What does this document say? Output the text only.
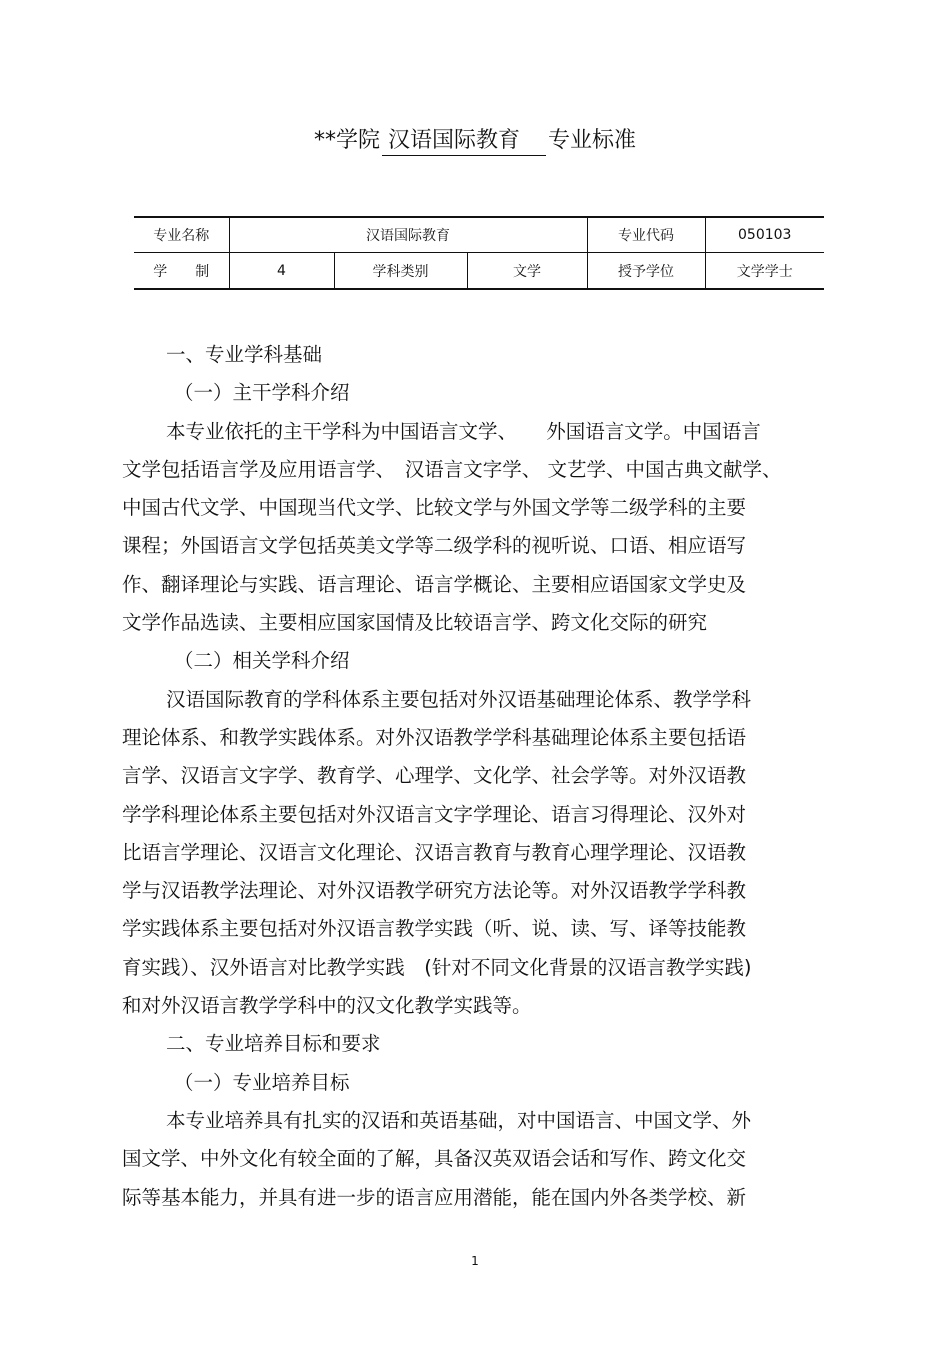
**学院 汉语国际教育 专业标准
专业名称	汉语国际教育			专业代码	050103
学　　制	4	学科类别	文学	授予学位	文学学士

一、专业学科基础

（一）主干学科介绍

本专业依托的主干学科为中国语言文学、　　外国语言文学。中国语言

文学包括语言学及应用语言学、　汉语言文字学、 文艺学、中国古典文献学、

中国古代文学、中国现当代文学、比较文学与外国文学等二级学科的主要

课程；外国语言文学包括英美文学等二级学科的视听说、口语、相应语写

作、翻译理论与实践、语言理论、语言学概论、主要相应语国家文学史及

文学作品选读、主要相应国家国情及比较语言学、跨文化交际的研究

（二）相关学科介绍

汉语国际教育的学科体系主要包括对外汉语基础理论体系、教学学科

理论体系、和教学实践体系。对外汉语教学学科基础理论体系主要包括语

言学、汉语言文字学、教育学、心理学、文化学、社会学等。对外汉语教

学学科理论体系主要包括对外汉语言文字学理论、语言习得理论、汉外对

比语言学理论、汉语言文化理论、汉语言教育与教育心理学理论、汉语教

学与汉语教学法理论、对外汉语教学研究方法论等。对外汉语教学学科教

学实践体系主要包括对外汉语言教学实践（听、说、读、写、译等技能教

育实践）、汉外语言对比教学实践　(针对不同文化背景的汉语言教学实践)

和对外汉语言教学学科中的汉文化教学实践等。

二、专业培养目标和要求

（一）专业培养目标

本专业培养具有扎实的汉语和英语基础，对中国语言、中国文学、外

国文学、中外文化有较全面的了解，具备汉英双语会话和写作、跨文化交

际等基本能力，并具有进一步的语言应用潜能，能在国内外各类学校、新

1
